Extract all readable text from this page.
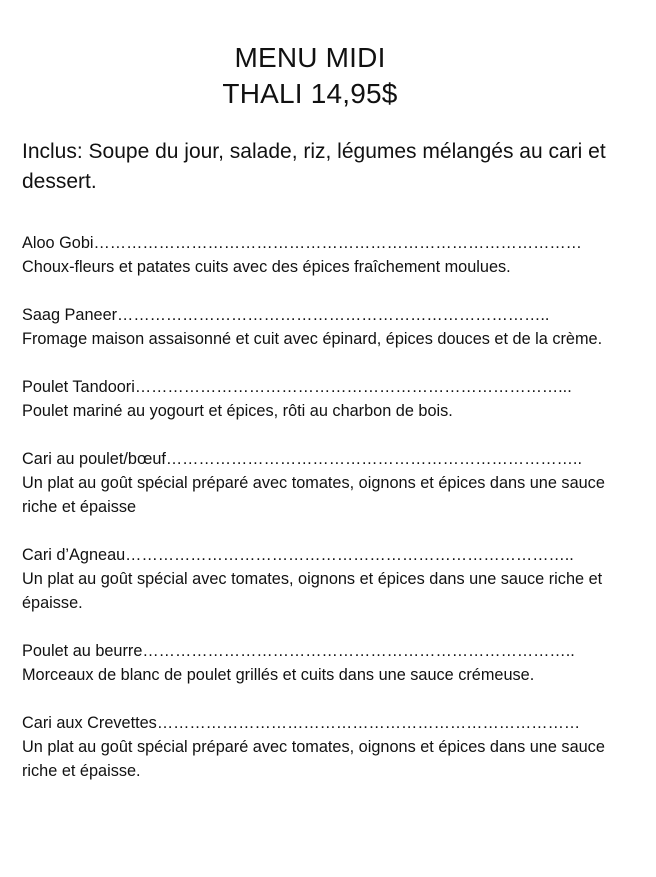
MENU MIDI
THALI 14,95$
Inclus: Soupe du jour, salade, riz, légumes mélangés au cari et dessert.
Aloo Gobi………………………………………………………………………………
Choux-fleurs et patates cuits avec des épices fraîchement moulues.
Saag Paneer……………………………………………………………………..
Fromage maison assaisonné et cuit avec épinard, épices douces et de la crème.
Poulet Tandoori……………………………………………………………………...
Poulet mariné au yogourt et épices, rôti au charbon de bois.
Cari au poulet/bœuf…………………………………………………………………..
Un plat au goût spécial préparé avec tomates, oignons et épices dans une sauce riche et épaisse
Cari d’Agneau………………………………………………………………………..
Un plat au goût spécial avec tomates, oignons et épices dans une sauce riche et épaisse.
Poulet au beurre……………………………………………………………………..
Morceaux de blanc de poulet grillés et cuits dans une sauce crémeuse.
Cari aux Crevettes……………………………………………………………………
Un plat au goût spécial préparé avec tomates, oignons et épices dans une sauce riche et épaisse.
